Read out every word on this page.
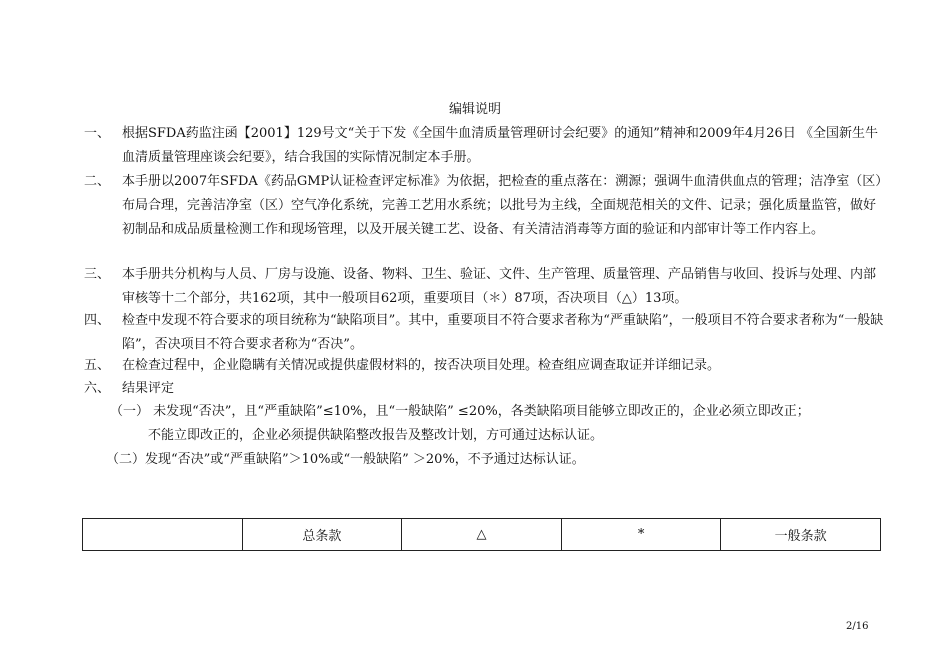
编辑说明
一、 根据SFDA药监注函【2001】129号文“关于下发《全国牛血清质量管理研讨会纪要》的通知”精神和2009年4月26日 《全国新生牛血清质量管理座谈会纪要》，结合我国的实际情况制定本手册。
二、 本手册以2007年SFDA《药品GMP认证检查评定标准》为依据，把检查的重点落在：溯源；强调牛血清供血点的管理；洁净室（区）布局合理，完善洁净室（区）空气净化系统，完善工艺用水系统；以批号为主线，全面规范相关的文件、记录；强化质量监管，做好初制品和成品质量检测工作和现场管理，以及开展关键工艺、设备、有关清洁消毒等方面的验证和内部审计等工作内容上。
三、 本手册共分机构与人员、厂房与设施、设备、物料、卫生、验证、文件、生产管理、质量管理、产品销售与收回、投诉与处理、内部审核等十二个部分，共162项，其中一般项目62项，重要项目（＊）87项，否决项目（△）13项。
四、 检查中发现不符合要求的项目统称为“缺陷项目”。其中，重要项目不符合要求者称为“严重缺陷”，一般项目不符合要求者称为“一般缺陷”，否决项目不符合要求者称为“否决”。
五、 在检查过程中，企业隐瞒有关情况或提供虚假材料的，按否决项目处理。检查组应调查取证并详细记录。
六、 结果评定
（一） 未发现“否决”，且“严重缺陷”≤10%，且“一般缺陷” ≤20%，各类缺陷项目能够立即改正的，企业必须立即改正；
不能立即改正的，企业必须提供缺陷整改报告及整改计划，方可通过达标认证。
（二）发现“否决”或“严重缺陷”＞10%或“一般缺陷” ＞20%，不予通过达标认证。
	总条款	△	*	一般条款
2/16
